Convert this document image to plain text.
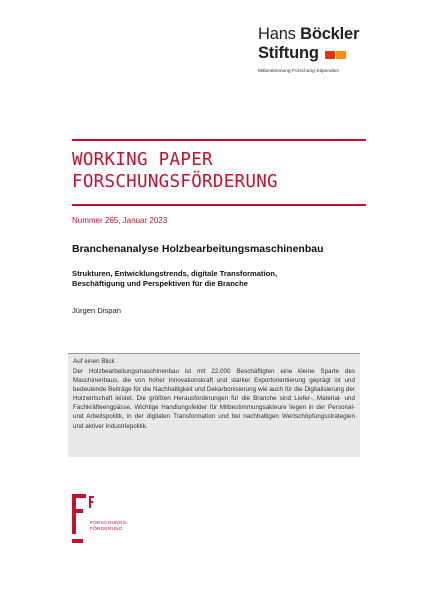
Hans Böckler
Stiftung
Mitbestimmung·Forschung·Stipendien
WORKING PAPER
FORSCHUNGSFÖRDERUNG
Nummer 265, Januar 2023
Branchenanalyse Holzbearbeitungsmaschinenbau
Strukturen, Entwicklungstrends, digitale Transformation,
Beschäftigung und Perspektiven für die Branche
Jürgen Dispan
Auf einen Blick
Der Holzbearbeitungsmaschinenbau ist mit 22.000 Beschäftigten eine kleine Sparte des Maschinenbaus, die von hoher Innovationskraft und starker Exportorientierung geprägt ist und bedeutende Beiträge für die Nachhaltigkeit und Dekarbonisierung wie auch für die Digitalisierung der Holzwirtschaft leistet. Die größten Herausforderungen für die Branche sind Liefer-, Material- und Fachkräfteengpässe. Wichtige Handlungsfelder für Mitbestimmungsakteure liegen in der Personal- und Arbeitspolitik, in der digitalen Transformation und bei nachhaltigen Wertschöpfungsstrategien und aktiver Industriepolitik.
FORSCHUNGS-
FÖRDERUNG
